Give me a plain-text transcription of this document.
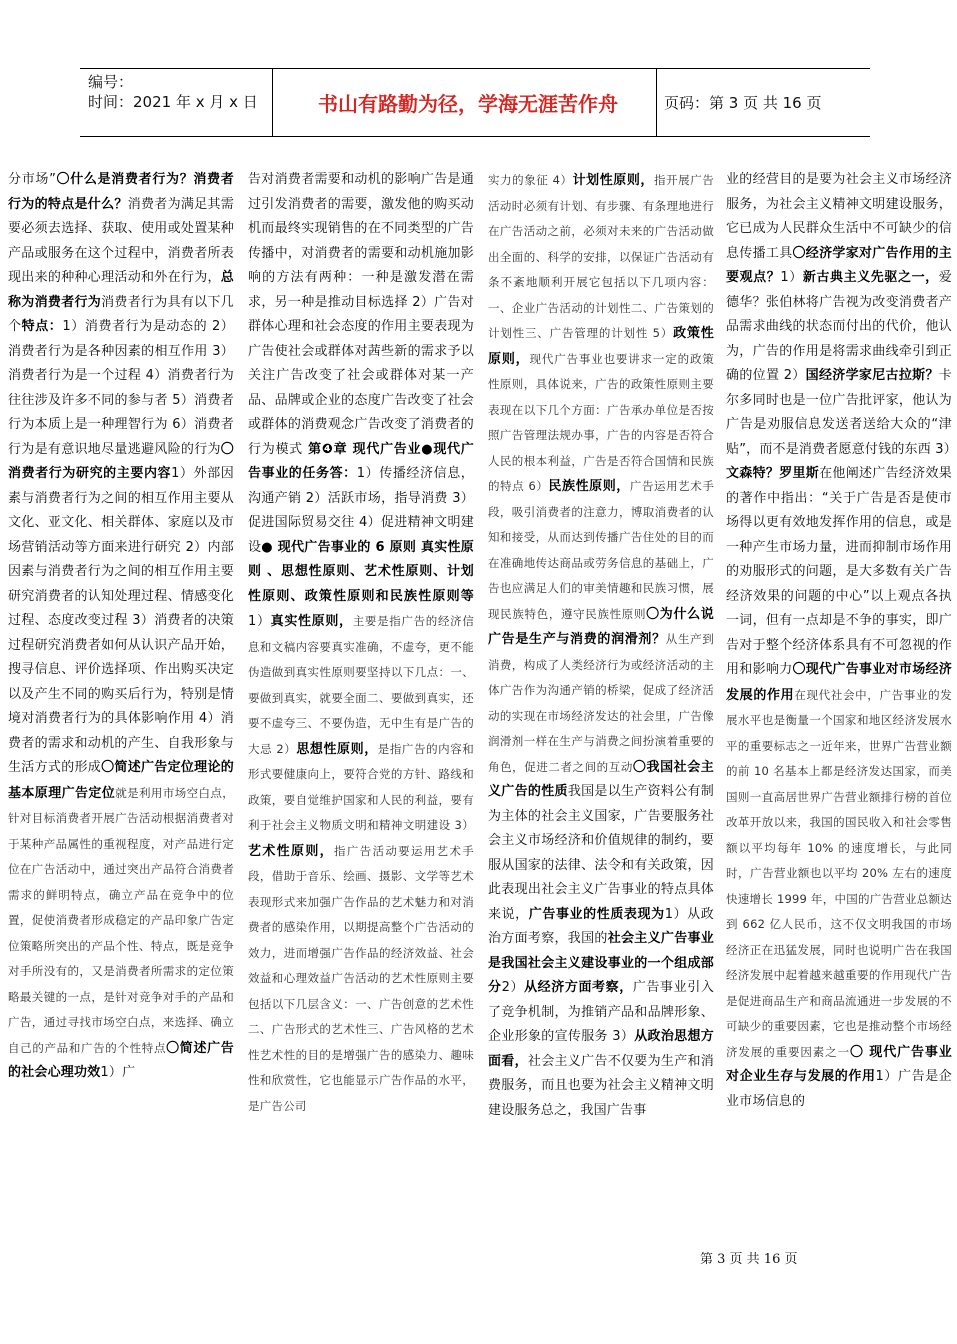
编号：
时间：2021 年 x 月 x 日	书山有路勤为径，学海无涯苦作舟	页码：第 3 页 共 16 页

分市场”〇什么是消费者行为？消费者行为的特点是什么？消费者为满足其需要必须去选择、获取、使用或处置某种产品或服务在这个过程中，消费者所表现出来的种种心理活动和外在行为，总称为消费者行为消费者行为具有以下几个特点：1）消费者行为是动态的 2）消费者行为是各种因素的相互作用 3）消费者行为是一个过程 4）消费者行为往往涉及许多不同的参与者 5）消费者行为本质上是一种理智行为 6）消费者行为是有意识地尽量逃避风险的行为〇消费者行为研究的主要内容1）外部因素与消费者行为之间的相互作用主要从文化、亚文化、相关群体、家庭以及市场营销活动等方面来进行研究 2）内部因素与消费者行为之间的相互作用主要研究消费者的认知处理过程、情感变化过程、态度改变过程 3）消费者的决策过程研究消费者如何从认识产品开始，搜寻信息、评价选择项、作出购买决定以及产生不同的购买后行为，特别是情境对消费者行为的具体影响作用 4）消费者的需求和动机的产生、自我形象与生活方式的形成〇简述广告定位理论的基本原理广告定位就是利用市场空白点，针对目标消费者开展广告活动根据消费者对于某种产品属性的重视程度，对产品进行定位在广告活动中，通过突出产品符合消费者需求的鲜明特点，确立产品在竞争中的位置，促使消费者形成稳定的产品印象广告定位策略所突出的产品个性、特点，既是竞争对手所没有的，又是消费者所需求的定位策略最关键的一点，是针对竞争对手的产品和广告，通过寻找市场空白点，来选择、确立自己的产品和广告的个性特点〇简述广告的社会心理功效1）广

告对消费者需要和动机的影响广告是通过引发消费者的需要，激发他的购买动机而最终实现销售的在不同类型的广告传播中，对消费者的需要和动机施加影响的方法有两种：一种是激发潜在需求，另一种是推动目标选择 2）广告对群体心理和社会态度的作用主要表现为广告使社会或群体对茜些新的需求予以关注广告改变了社会或群体对某一产品、品牌或企业的态度广告改变了社会或群体的消费观念广告改变了消费者的行为模式 第❹章 现代广告业●现代广告事业的任务答：1）传播经济信息，沟通产销 2）活跃市场，指导消费 3）促进国际贸易交往 4）促进精神文明建设● 现代广告事业的 6 原则 真实性原则 、思想性原则、艺术性原则、计划性原则、政策性原则和民族性原则等1）真实性原则，主要是指广告的经济信息和文稿内容要真实准确，不虚夸，更不能伪造做到真实性原则要坚持以下几点：一、要做到真实，就要全面二、要做到真实，还要不虚夸三、不要伪造，无中生有是广告的大忌 2）思想性原则，是指广告的内容和形式要健康向上，要符合党的方针、路线和政策，要自觉维护国家和人民的利益，要有利于社会主义物质文明和精神文明建设 3）艺术性原则，指广告活动要运用艺术手段，借助于音乐、绘画、摄影、文学等艺术表现形式来加强广告作品的艺术魅力和对消费者的感染作用，以期提高整个广告活动的效力，进而增强广告作品的经济效益、社会效益和心理效益广告活动的艺术性原则主要包括以下几层含义：一、广告创意的艺术性二、广告形式的艺术性三、广告风格的艺术性艺术性的目的是增强广告的感染力、趣味性和欣赏性，它也能显示广告作品的水平，是广告公司

实力的象征 4）计划性原则，指开展广告活动时必须有计划、有步骤、有条理地进行在广告活动之前，必须对未来的广告活动做出全面的、科学的安排，以保证广告活动有条不紊地顺利开展它包括以下几项内容：一、企业广告活动的计划性二、广告策划的计划性三、广告管理的计划性 5）政策性原则，现代广告事业也要讲求一定的政策性原则，具体说来，广告的政策性原则主要表现在以下几个方面：广告承办单位是否按照广告管理法规办事，广告的内容是否符合人民的根本利益，广告是否符合国情和民族的特点 6）民族性原则，广告运用艺术手段，吸引消费者的注意力，博取消费者的认知和接受，从而达到传播广告住处的目的而在准确地传达商品或劳务信息的基础上，广告也应满足人们的审美情趣和民族习惯，展现民族特色，遵守民族性原则〇为什么说广告是生产与消费的润滑剂？从生产到消费，构成了人类经济行为或经济活动的主体广告作为沟通产销的桥梁，促成了经济活动的实现在市场经济发达的社会里，广告像润滑剂一样在生产与消费之间扮演着重要的角色，促进二者之间的互动〇我国社会主义广告的性质我国是以生产资料公有制为主体的社会主义国家，广告要服务社会主义市场经济和价值规律的制约，要服从国家的法律、法令和有关政策，因此表现出社会主义广告事业的特点具体来说，广告事业的性质表现为1）从政治方面考察，我国的社会主义广告事业是我国社会主义建设事业的一个组成部分2）从经济方面考察，广告事业引入了竞争机制，为推销产品和品牌形象、企业形象的宣传服务 3）从政治思想方面看，社会主义广告不仅要为生产和消费服务，而且也要为社会主义精神文明建设服务总之，我国广告事

业的经营目的是要为社会主义市场经济服务，为社会主义精神文明建设服务，它已成为人民群众生活中不可缺少的信息传播工具〇经济学家对广告作用的主要观点？1）新古典主义先驱之一，爱德华？张伯林将广告视为改变消费者产品需求曲线的状态而付出的代价，他认为，广告的作用是将需求曲线牵引到正确的位置 2）国经济学家尼古拉斯？卡尔多同时也是一位广告批评家，他认为广告是劝服信息发送者送给大众的“津贴”，而不是消费者愿意付钱的东西 3）文森特？罗里斯在他阐述广告经济效果的著作中指出：“关于广告是否是使市场得以更有效地发挥作用的信息，或是一种产生市场力量，进而抑制市场作用的劝服形式的问题，是大多数有关广告经济效果的问题的中心”以上观点各执一词，但有一点却是不争的事实，即广告对于整个经济体系具有不可忽视的作用和影响力〇现代广告事业对市场经济发展的作用在现代社会中，广告事业的发展水平也是衡量一个国家和地区经济发展水平的重要标志之一近年来，世界广告营业额的前 10 名基本上都是经济发达国家，而美国则一直高居世界广告营业额排行榜的首位改革开放以来，我国的国民收入和社会零售额以平均每年 10% 的速度增长，与此同时，广告营业额也以平均 20% 左右的速度快速增长 1999 年，中国的广告营业总额达到 662 亿人民币，这不仅文明我国的市场经济正在迅猛发展，同时也说明广告在我国经济发展中起着越来越重要的作用现代广告是促进商品生产和商品流通进一步发展的不可缺少的重要因素，它也是推动整个市场经济发展的重要因素之一〇 现代广告事业对企业生存与发展的作用1）广告是企业市场信息的

第 3 页 共 16 页
